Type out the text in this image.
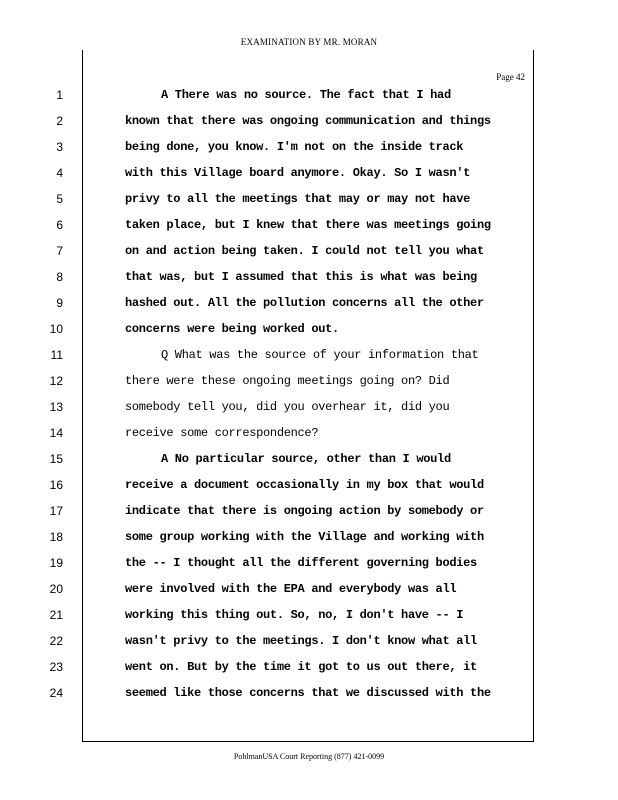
EXAMINATION BY MR. MORAN
Page 42
1	A There was no source. The fact that I had
2	known that there was ongoing communication and things
3	being done, you know. I'm not on the inside track
4	with this Village board anymore. Okay. So I wasn't
5	privy to all the meetings that may or may not have
6	taken place, but I knew that there was meetings going
7	on and action being taken. I could not tell you what
8	that was, but I assumed that this is what was being
9	hashed out. All the pollution concerns all the other
10	concerns were being worked out.
11	Q What was the source of your information that
12	there were these ongoing meetings going on? Did
13	somebody tell you, did you overhear it, did you
14	receive some correspondence?
15	A No particular source, other than I would
16	receive a document occasionally in my box that would
17	indicate that there is ongoing action by somebody or
18	some group working with the Village and working with
19	the -- I thought all the different governing bodies
20	were involved with the EPA and everybody was all
21	working this thing out. So, no, I don't have -- I
22	wasn't privy to the meetings. I don't know what all
23	went on. But by the time it got to us out there, it
24	seemed like those concerns that we discussed with the
PohlmanUSA Court Reporting (877) 421-0099
